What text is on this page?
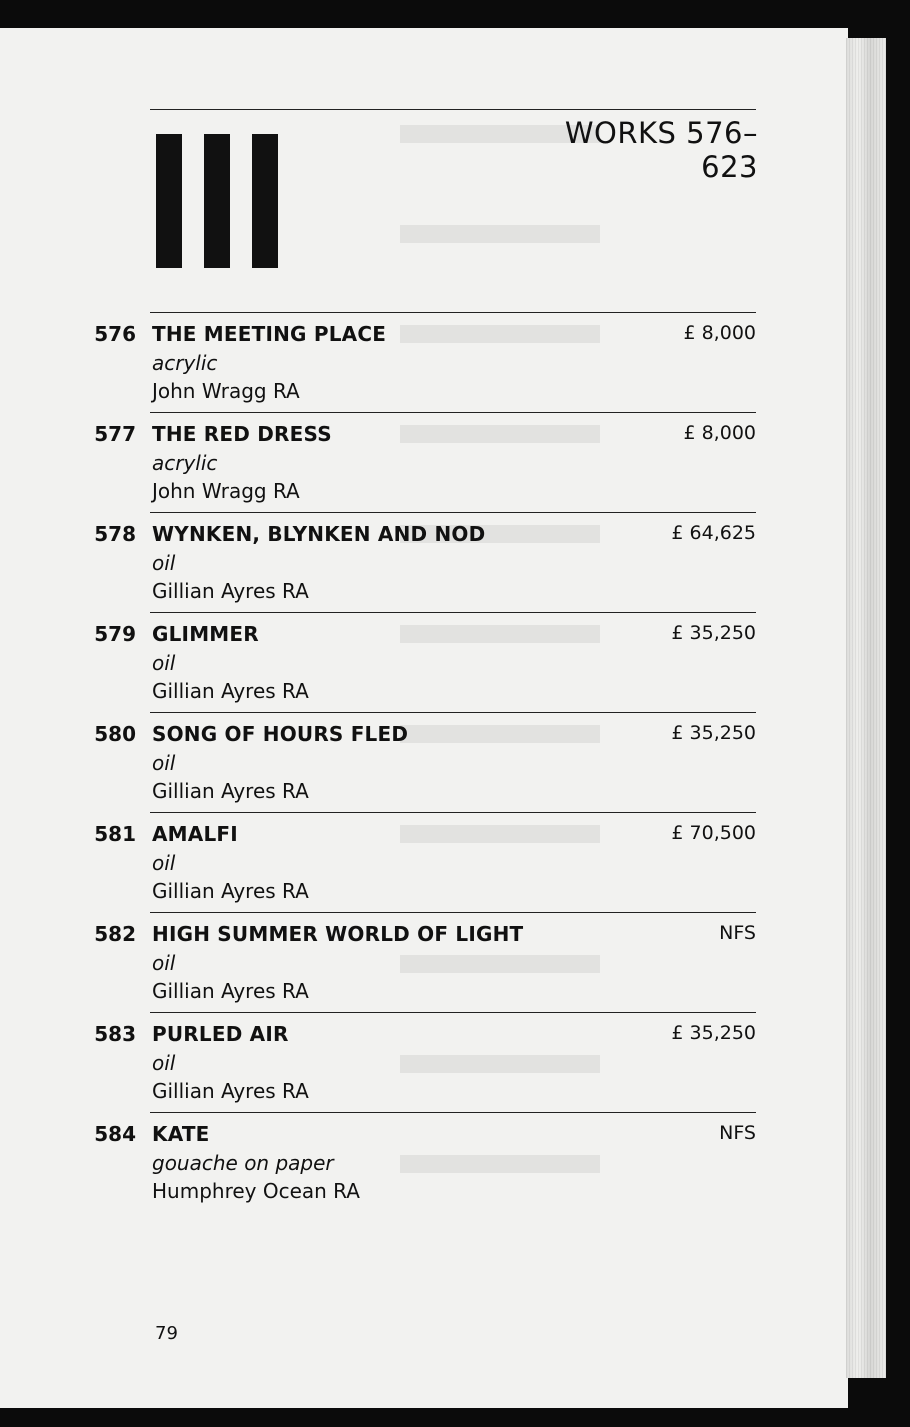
WORKS 576–623
576 THE MEETING PLACE
acrylic
John Wragg RA
£ 8,000
577 THE RED DRESS
acrylic
John Wragg RA
£ 8,000
578 WYNKEN, BLYNKEN AND NOD
oil
Gillian Ayres RA
£ 64,625
579 GLIMMER
oil
Gillian Ayres RA
£ 35,250
580 SONG OF HOURS FLED
oil
Gillian Ayres RA
£ 35,250
581 AMALFI
oil
Gillian Ayres RA
£ 70,500
582 HIGH SUMMER WORLD OF LIGHT
oil
Gillian Ayres RA
NFS
583 PURLED AIR
oil
Gillian Ayres RA
£ 35,250
584 KATE
gouache on paper
Humphrey Ocean RA
NFS
79
